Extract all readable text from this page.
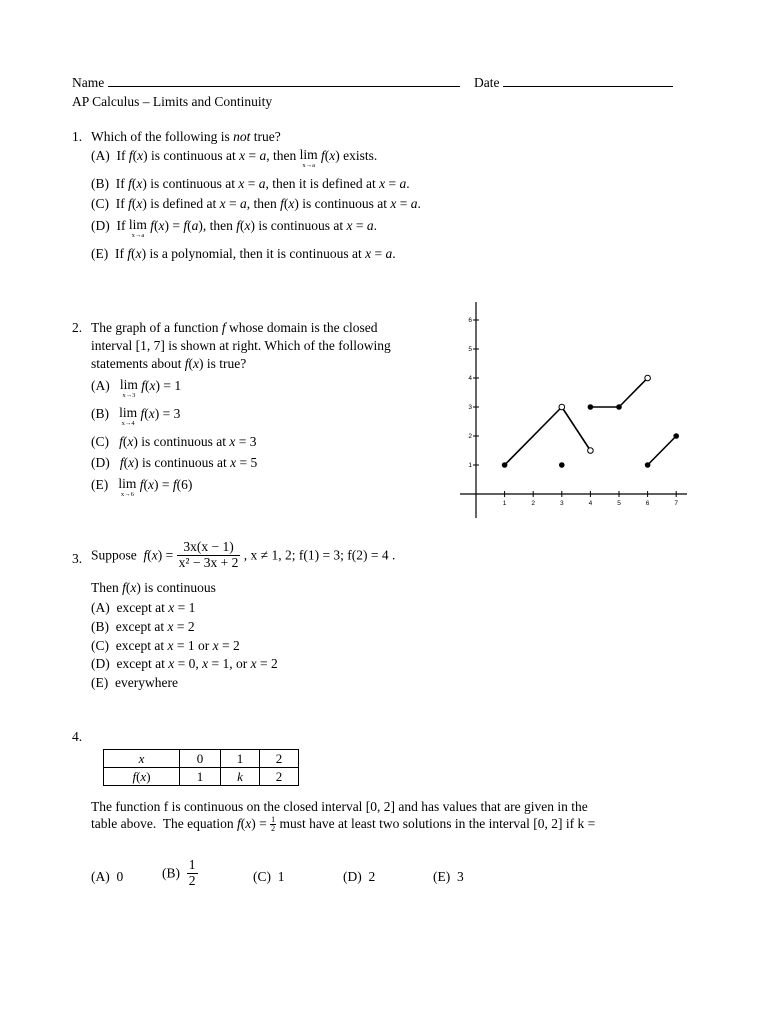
Name	Date
AP Calculus – Limits and Continuity
1. Which of the following is not true?
(A)  If f(x) is continuous at x = a, then lim
x→a
f(x) exists.
(B)  If f(x) is continuous at x = a, then it is defined at x = a.
(C)  If f(x) is defined at x = a, then f(x) is continuous at x = a.
(D)  If lim
x→a
f(x) = f(a), then f(x) is continuous at x = a.
(E)  If f(x) is a polynomial, then it is continuous at x = a.
2. The graph of a function f whose domain is the closed
interval [1, 7] is shown at right. Which of the following
statements about f(x) is true?
(A) lim
x→3
f(x) = 1
(B) lim
x→4
f(x) = 3
(C) f(x) is continuous at x = 3
(D) f(x) is continuous at x = 5
(E) lim
x→6
f(x) = f(6)
1	2	3	4	5	6	7
1
2
3
4
5
6
3. Suppose $f(x) = \frac{3x(x - 1)}{\text{x² − 3x + 2}}$ , x ≠ 1, 2; f(1) = 3; f(2) = 4 .
Then f(x) is continuous
(A)  except at x = 1
(B)  except at x = 2
(C)  except at x = 1 or x = 2
(D)  except at x = 0, x = 1, or x = 2
(E) everywhere
4.
x	0	1	2
f(x)	1	k	2
The function f is continuous on the closed interval [0, 2] and has values that are given in the
table above.  The equation $f(x) = \frac{1}{2}$ must have at least two solutions in the interval [0, 2] if k =
(A) 0	$(B) \frac{1}{2}$	(C) 1	(D) 2	(E) 3
